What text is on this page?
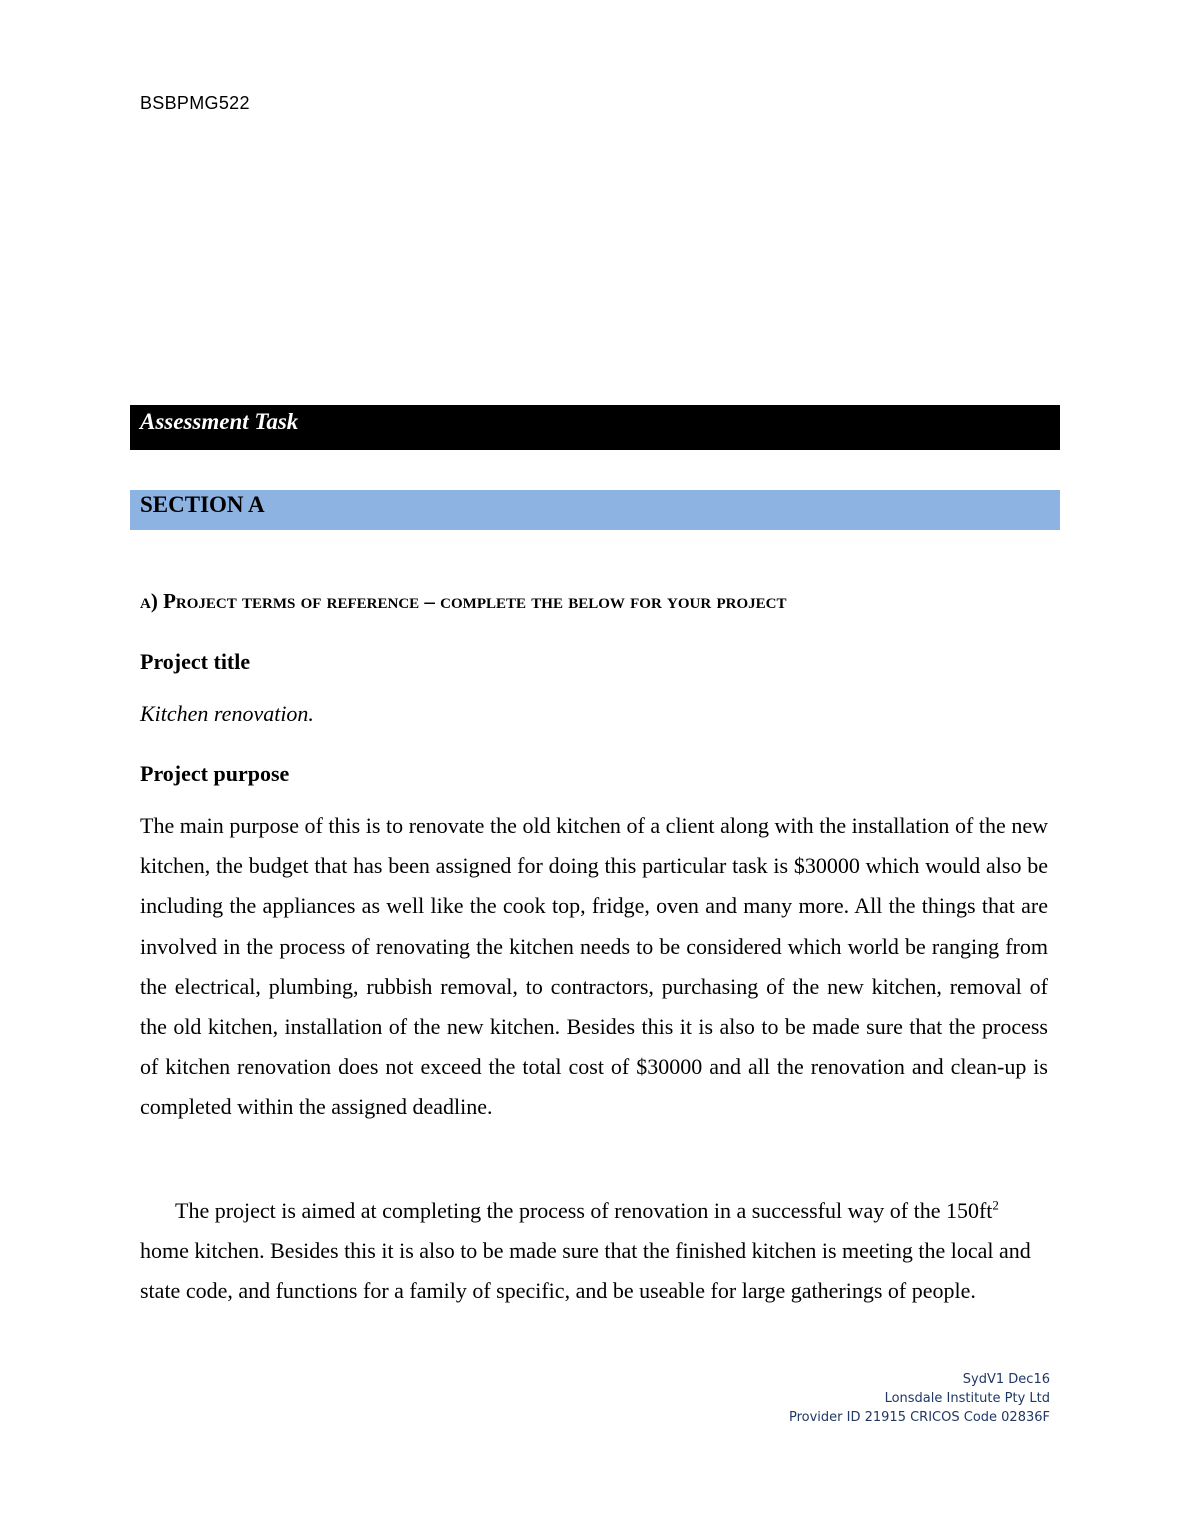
BSBPMG522
Assessment Task
SECTION A
a) Project terms of reference – complete the below for your project
Project title
Kitchen renovation.
Project purpose

The main purpose of this is to renovate the old kitchen of a client along with the installation of the new kitchen, the budget that has been assigned for doing this particular task is $30000 which would also be including the appliances as well like the cook top, fridge, oven and many more. All the things that are involved in the process of renovating the kitchen needs to be considered which world be ranging from the electrical, plumbing, rubbish removal, to contractors, purchasing of the new kitchen, removal of the old kitchen, installation of the new kitchen. Besides this it is also to be made sure that the process of kitchen renovation does not exceed the total cost of $30000 and all the renovation and clean-up is completed within the assigned deadline.

The project is aimed at completing the process of renovation in a successful way of the $150ft^2$ home kitchen. Besides this it is also to be made sure that the finished kitchen is meeting the local and state code, and functions for a family of specific, and be useable for large gatherings of people.

SydV1 Dec16
Lonsdale Institute Pty Ltd
Provider ID 21915 CRICOS Code 02836F
